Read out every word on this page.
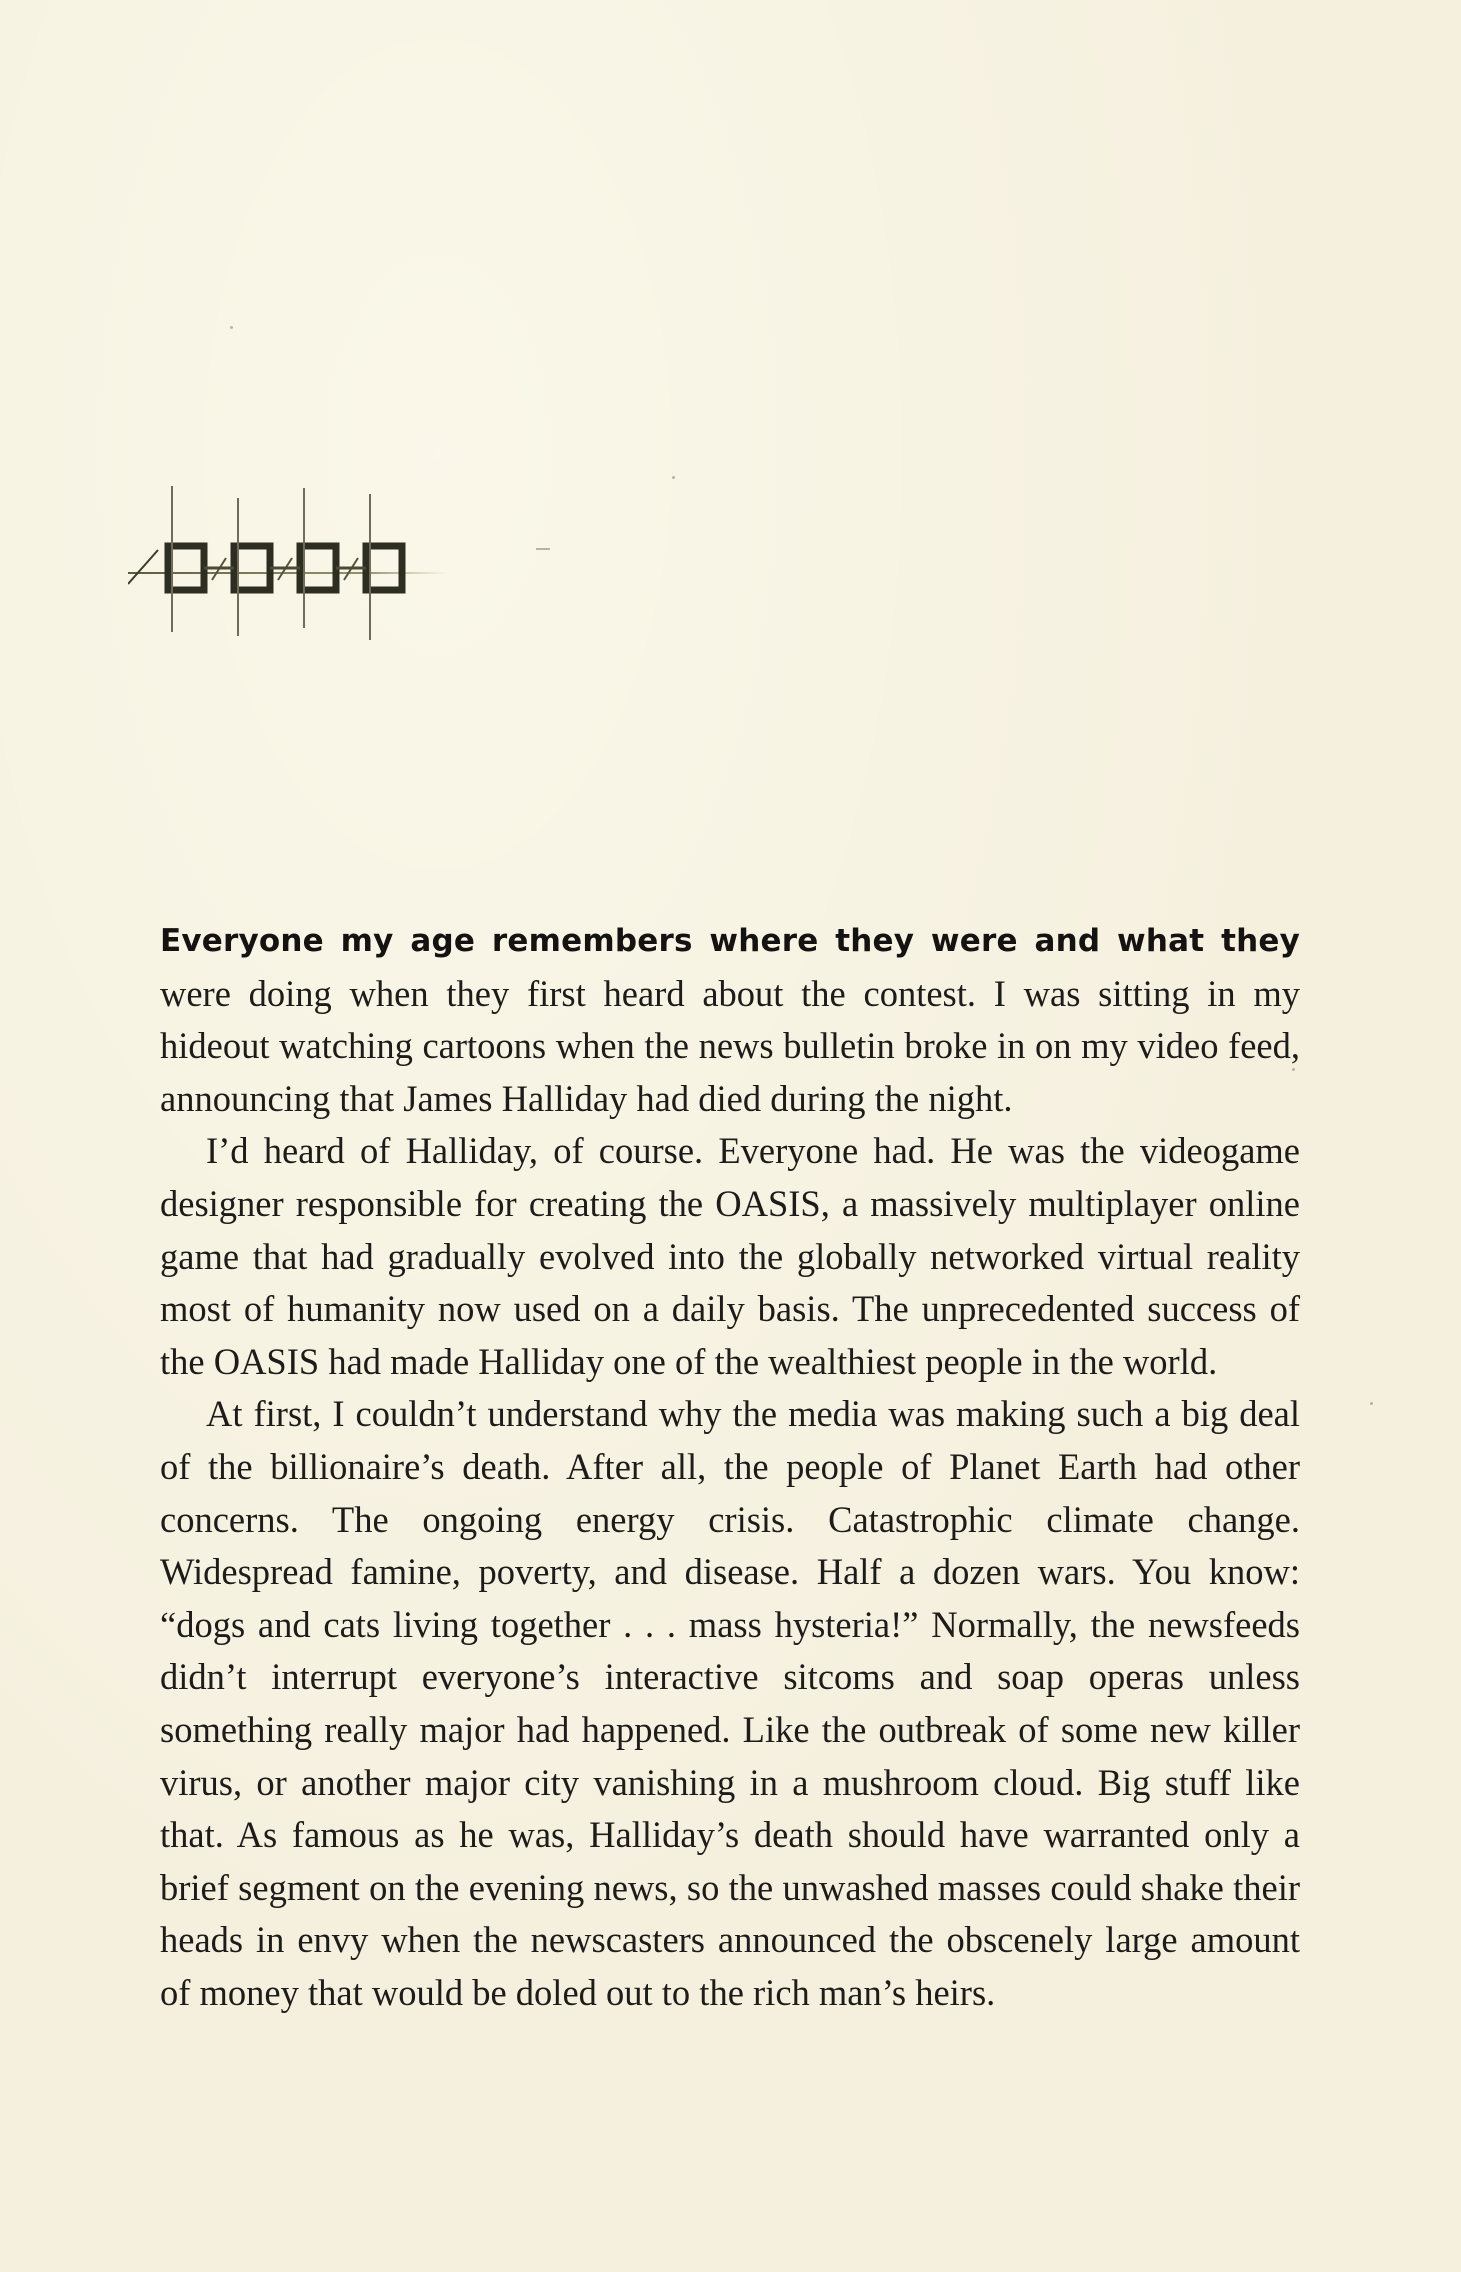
Everyone my age remembers where they were and what they

were doing when they first heard about the contest. I was sitting in my hideout watching cartoons when the news bulletin broke in on my video feed, announcing that James Halliday had died during the night.

I’d heard of Halliday, of course. Everyone had. He was the videogame designer responsible for creating the OASIS, a massively multiplayer online game that had gradually evolved into the globally networked virtual reality most of humanity now used on a daily basis. The unprecedented success of the OASIS had made Halliday one of the wealthiest people in the world.

At first, I couldn’t understand why the media was making such a big deal of the billionaire’s death. After all, the people of Planet Earth had other concerns. The ongoing energy crisis. Catastrophic climate change. Widespread famine, poverty, and disease. Half a dozen wars. You know: “dogs and cats living together . . . mass hysteria!” Normally, the newsfeeds didn’t interrupt everyone’s interactive sitcoms and soap operas unless something really major had happened. Like the outbreak of some new killer virus, or another major city vanishing in a mushroom cloud. Big stuff like that. As famous as he was, Halliday’s death should have warranted only a brief segment on the evening news, so the unwashed masses could shake their heads in envy when the newscasters announced the obscenely large amount of money that would be doled out to the rich man’s heirs.
